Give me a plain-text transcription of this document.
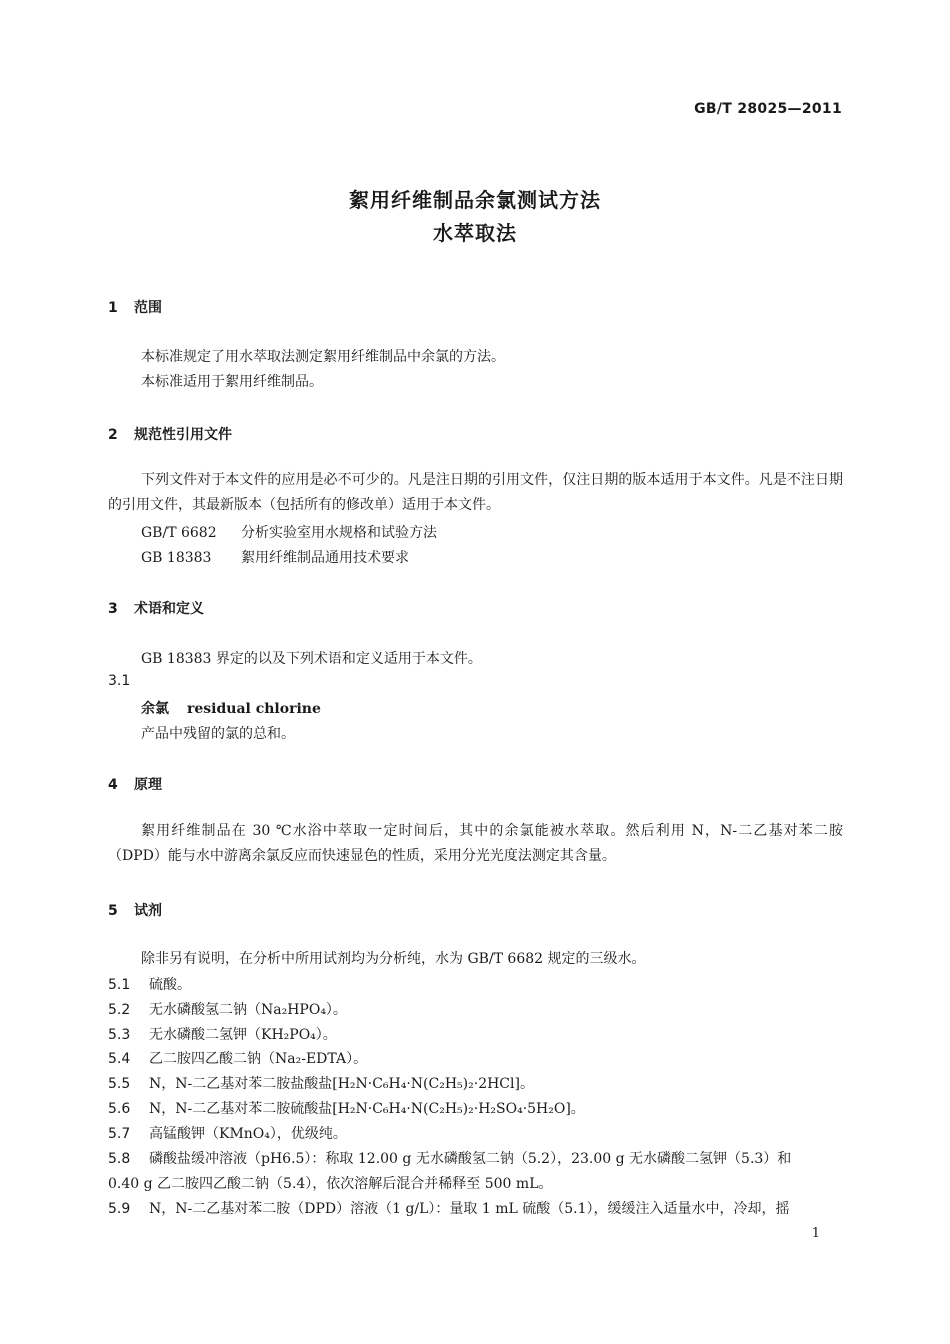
GB/T 28025—2011
絮用纤维制品余氯测试方法
水萃取法
1 范围
本标准规定了用水萃取法测定絮用纤维制品中余氯的方法。
本标准适用于絮用纤维制品。
2 规范性引用文件
下列文件对于本文件的应用是必不可少的。凡是注日期的引用文件，仅注日期的版本适用于本文件。凡是不注日期的引用文件，其最新版本（包括所有的修改单）适用于本文件。
GB/T 6682 分析实验室用水规格和试验方法
GB 18383 絮用纤维制品通用技术要求
3 术语和定义
GB 18383 界定的以及下列术语和定义适用于本文件。
3.1
余氯 residual chlorine
产品中残留的氯的总和。
4 原理
絮用纤维制品在 30 ℃水浴中萃取一定时间后，其中的余氯能被水萃取。然后利用 N，N-二乙基对苯二胺（DPD）能与水中游离余氯反应而快速显色的性质，采用分光光度法测定其含量。
5 试剂
除非另有说明，在分析中所用试剂均为分析纯，水为 GB/T 6682 规定的三级水。
5.1 硫酸。
5.2 无水磷酸氢二钠（Na₂HPO₄）。
5.3 无水磷酸二氢钾（KH₂PO₄）。
5.4 乙二胺四乙酸二钠（Na₂-EDTA）。
5.5 N，N-二乙基对苯二胺盐酸盐[H₂N·C₆H₄·N(C₂H₅)₂·2HCl]。
5.6 N，N-二乙基对苯二胺硫酸盐[H₂N·C₆H₄·N(C₂H₅)₂·H₂SO₄·5H₂O]。
5.7 高锰酸钾（KMnO₄），优级纯。
5.8 磷酸盐缓冲溶液（pH6.5）：称取 12.00 g 无水磷酸氢二钠（5.2），23.00 g 无水磷酸二氢钾（5.3）和
0.40 g 乙二胺四乙酸二钠（5.4），依次溶解后混合并稀释至 500 mL。
5.9 N，N-二乙基对苯二胺（DPD）溶液（1 g/L）：量取 1 mL 硫酸（5.1），缓缓注入适量水中，冷却，摇
1
